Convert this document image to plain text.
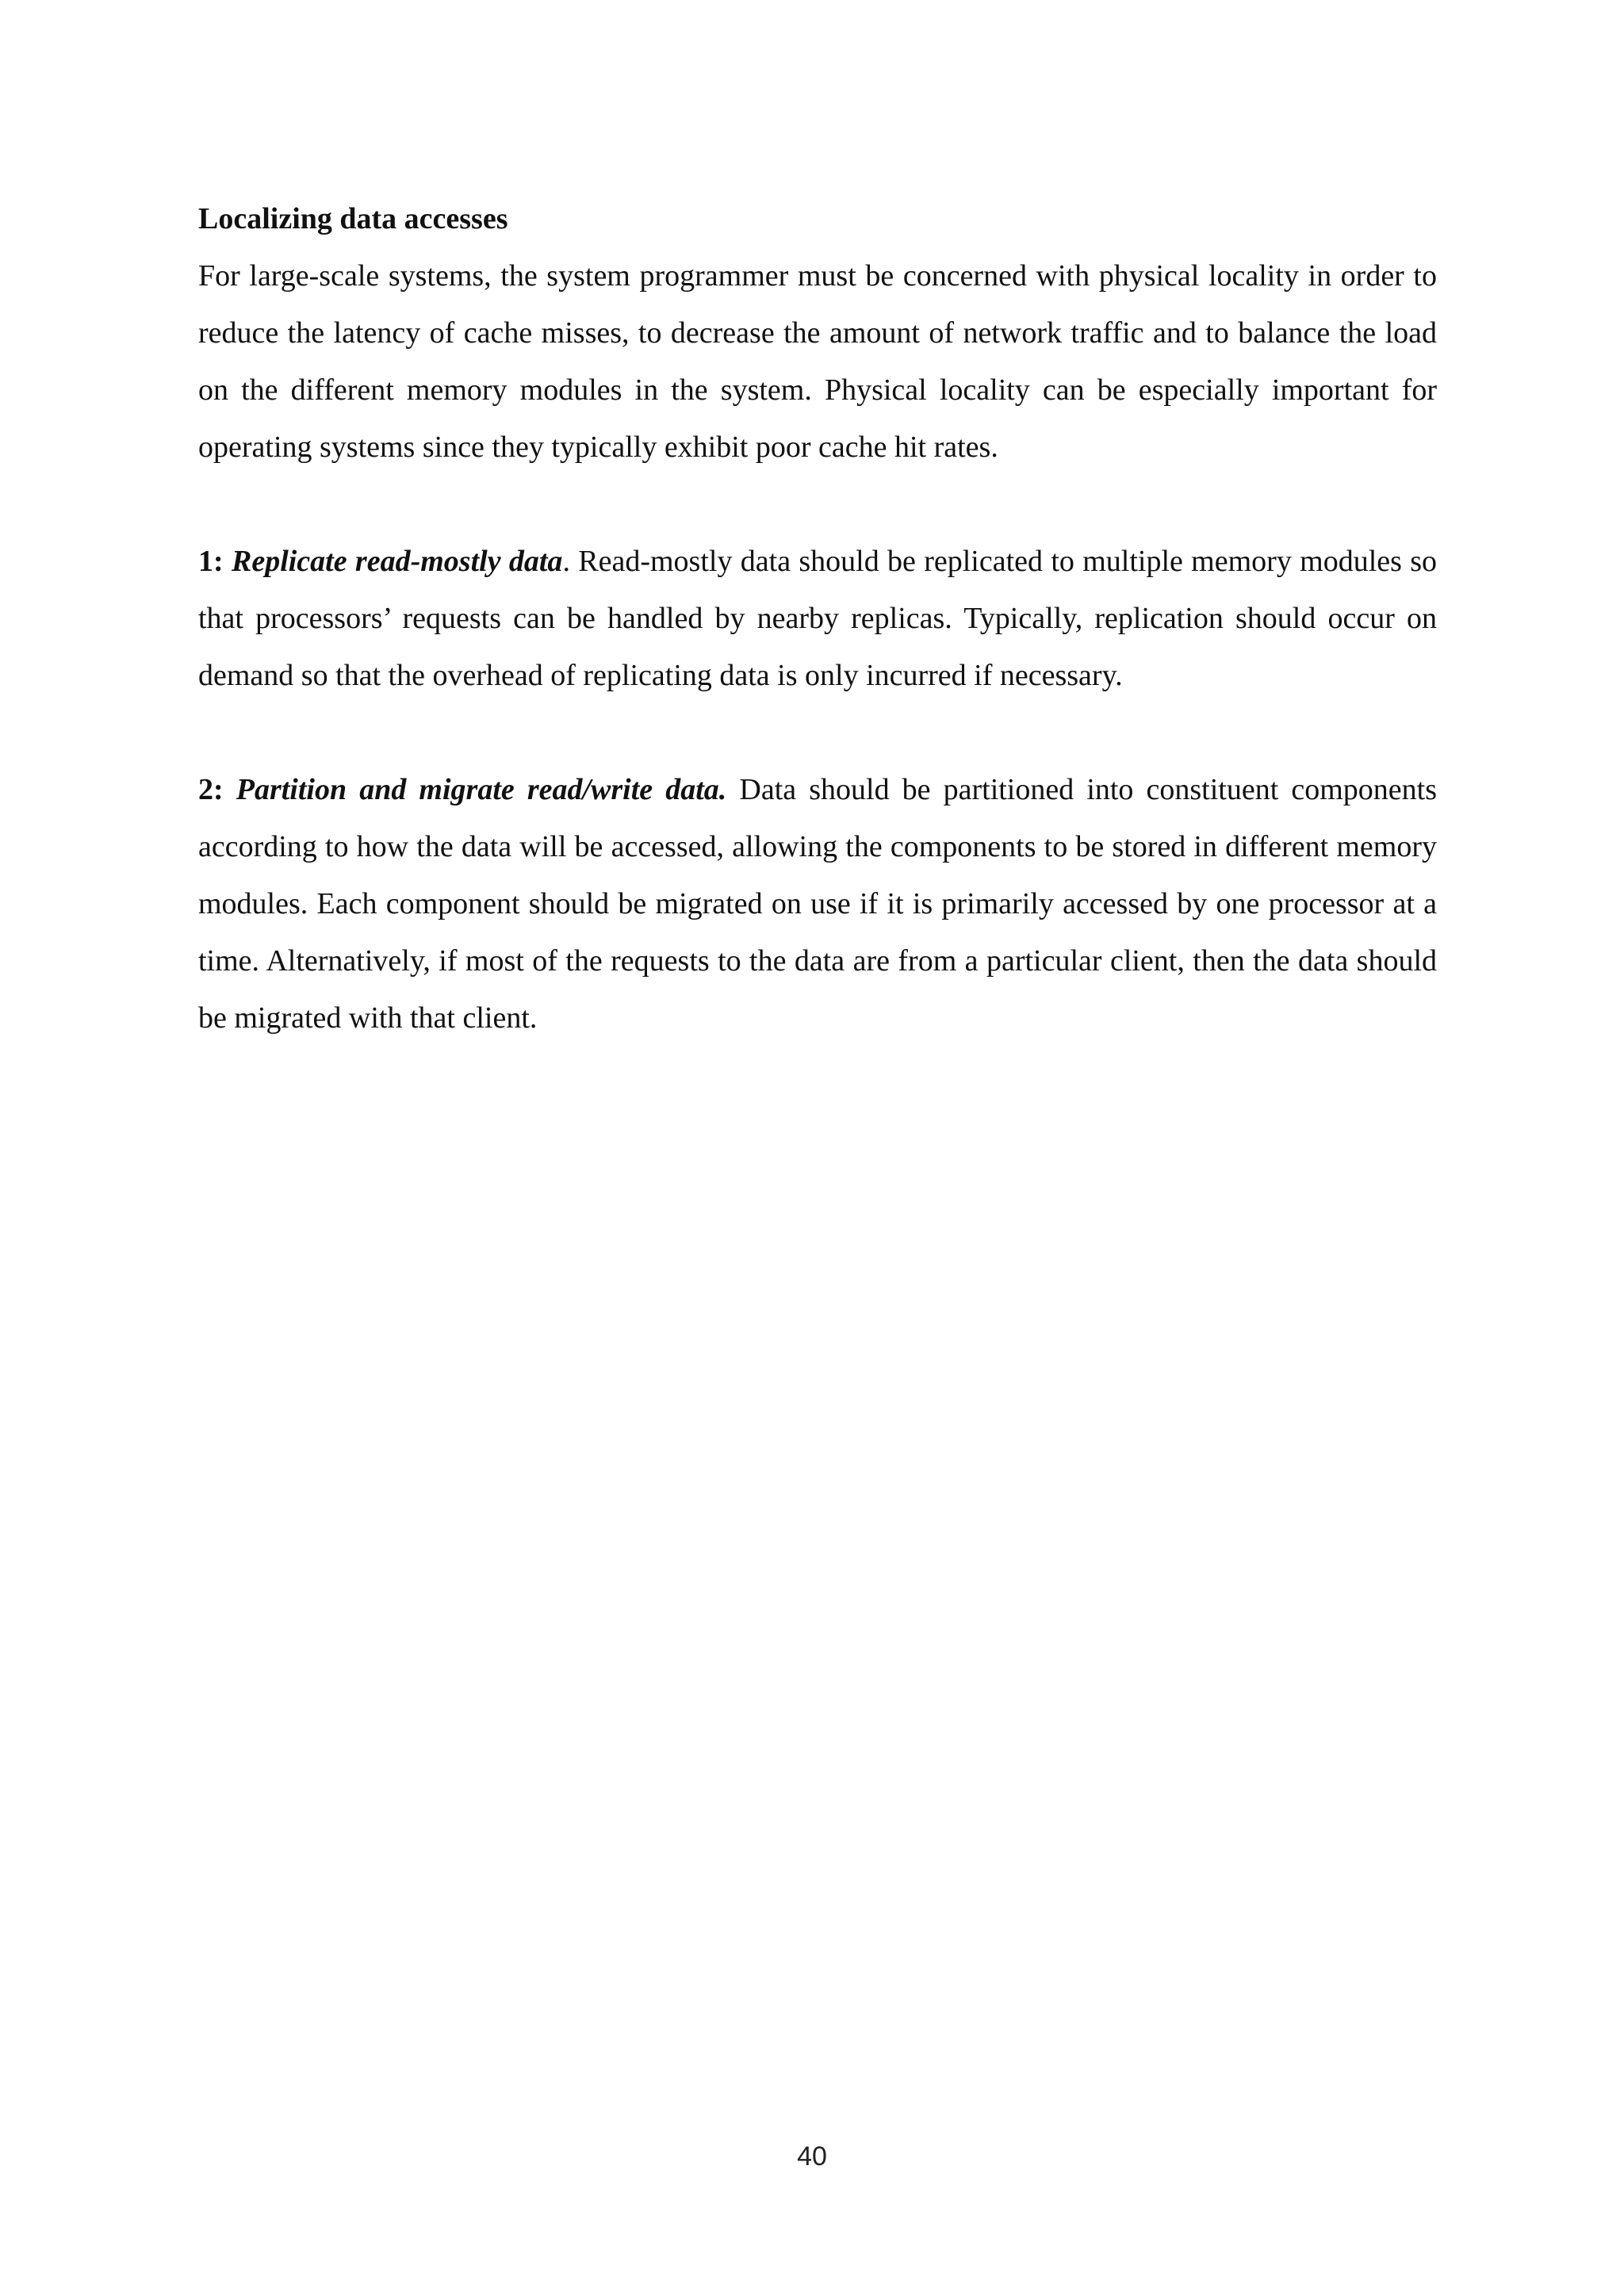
Localizing data accesses

For large-scale systems, the system programmer must be concerned with physical locality in order to reduce the latency of cache misses, to decrease the amount of network traffic and to balance the load on the different memory modules in the system. Physical locality can be especially important for operating systems since they typically exhibit poor cache hit rates.

1: Replicate read-mostly data. Read-mostly data should be replicated to multiple memory modules so that processors’ requests can be handled by nearby replicas. Typically, replication should occur on demand so that the overhead of replicating data is only incurred if necessary.

2: Partition and migrate read/write data. Data should be partitioned into constituent components according to how the data will be accessed, allowing the components to be stored in different memory modules. Each component should be migrated on use if it is primarily accessed by one processor at a time. Alternatively, if most of the requests to the data are from a particular client, then the data should be migrated with that client.

40
